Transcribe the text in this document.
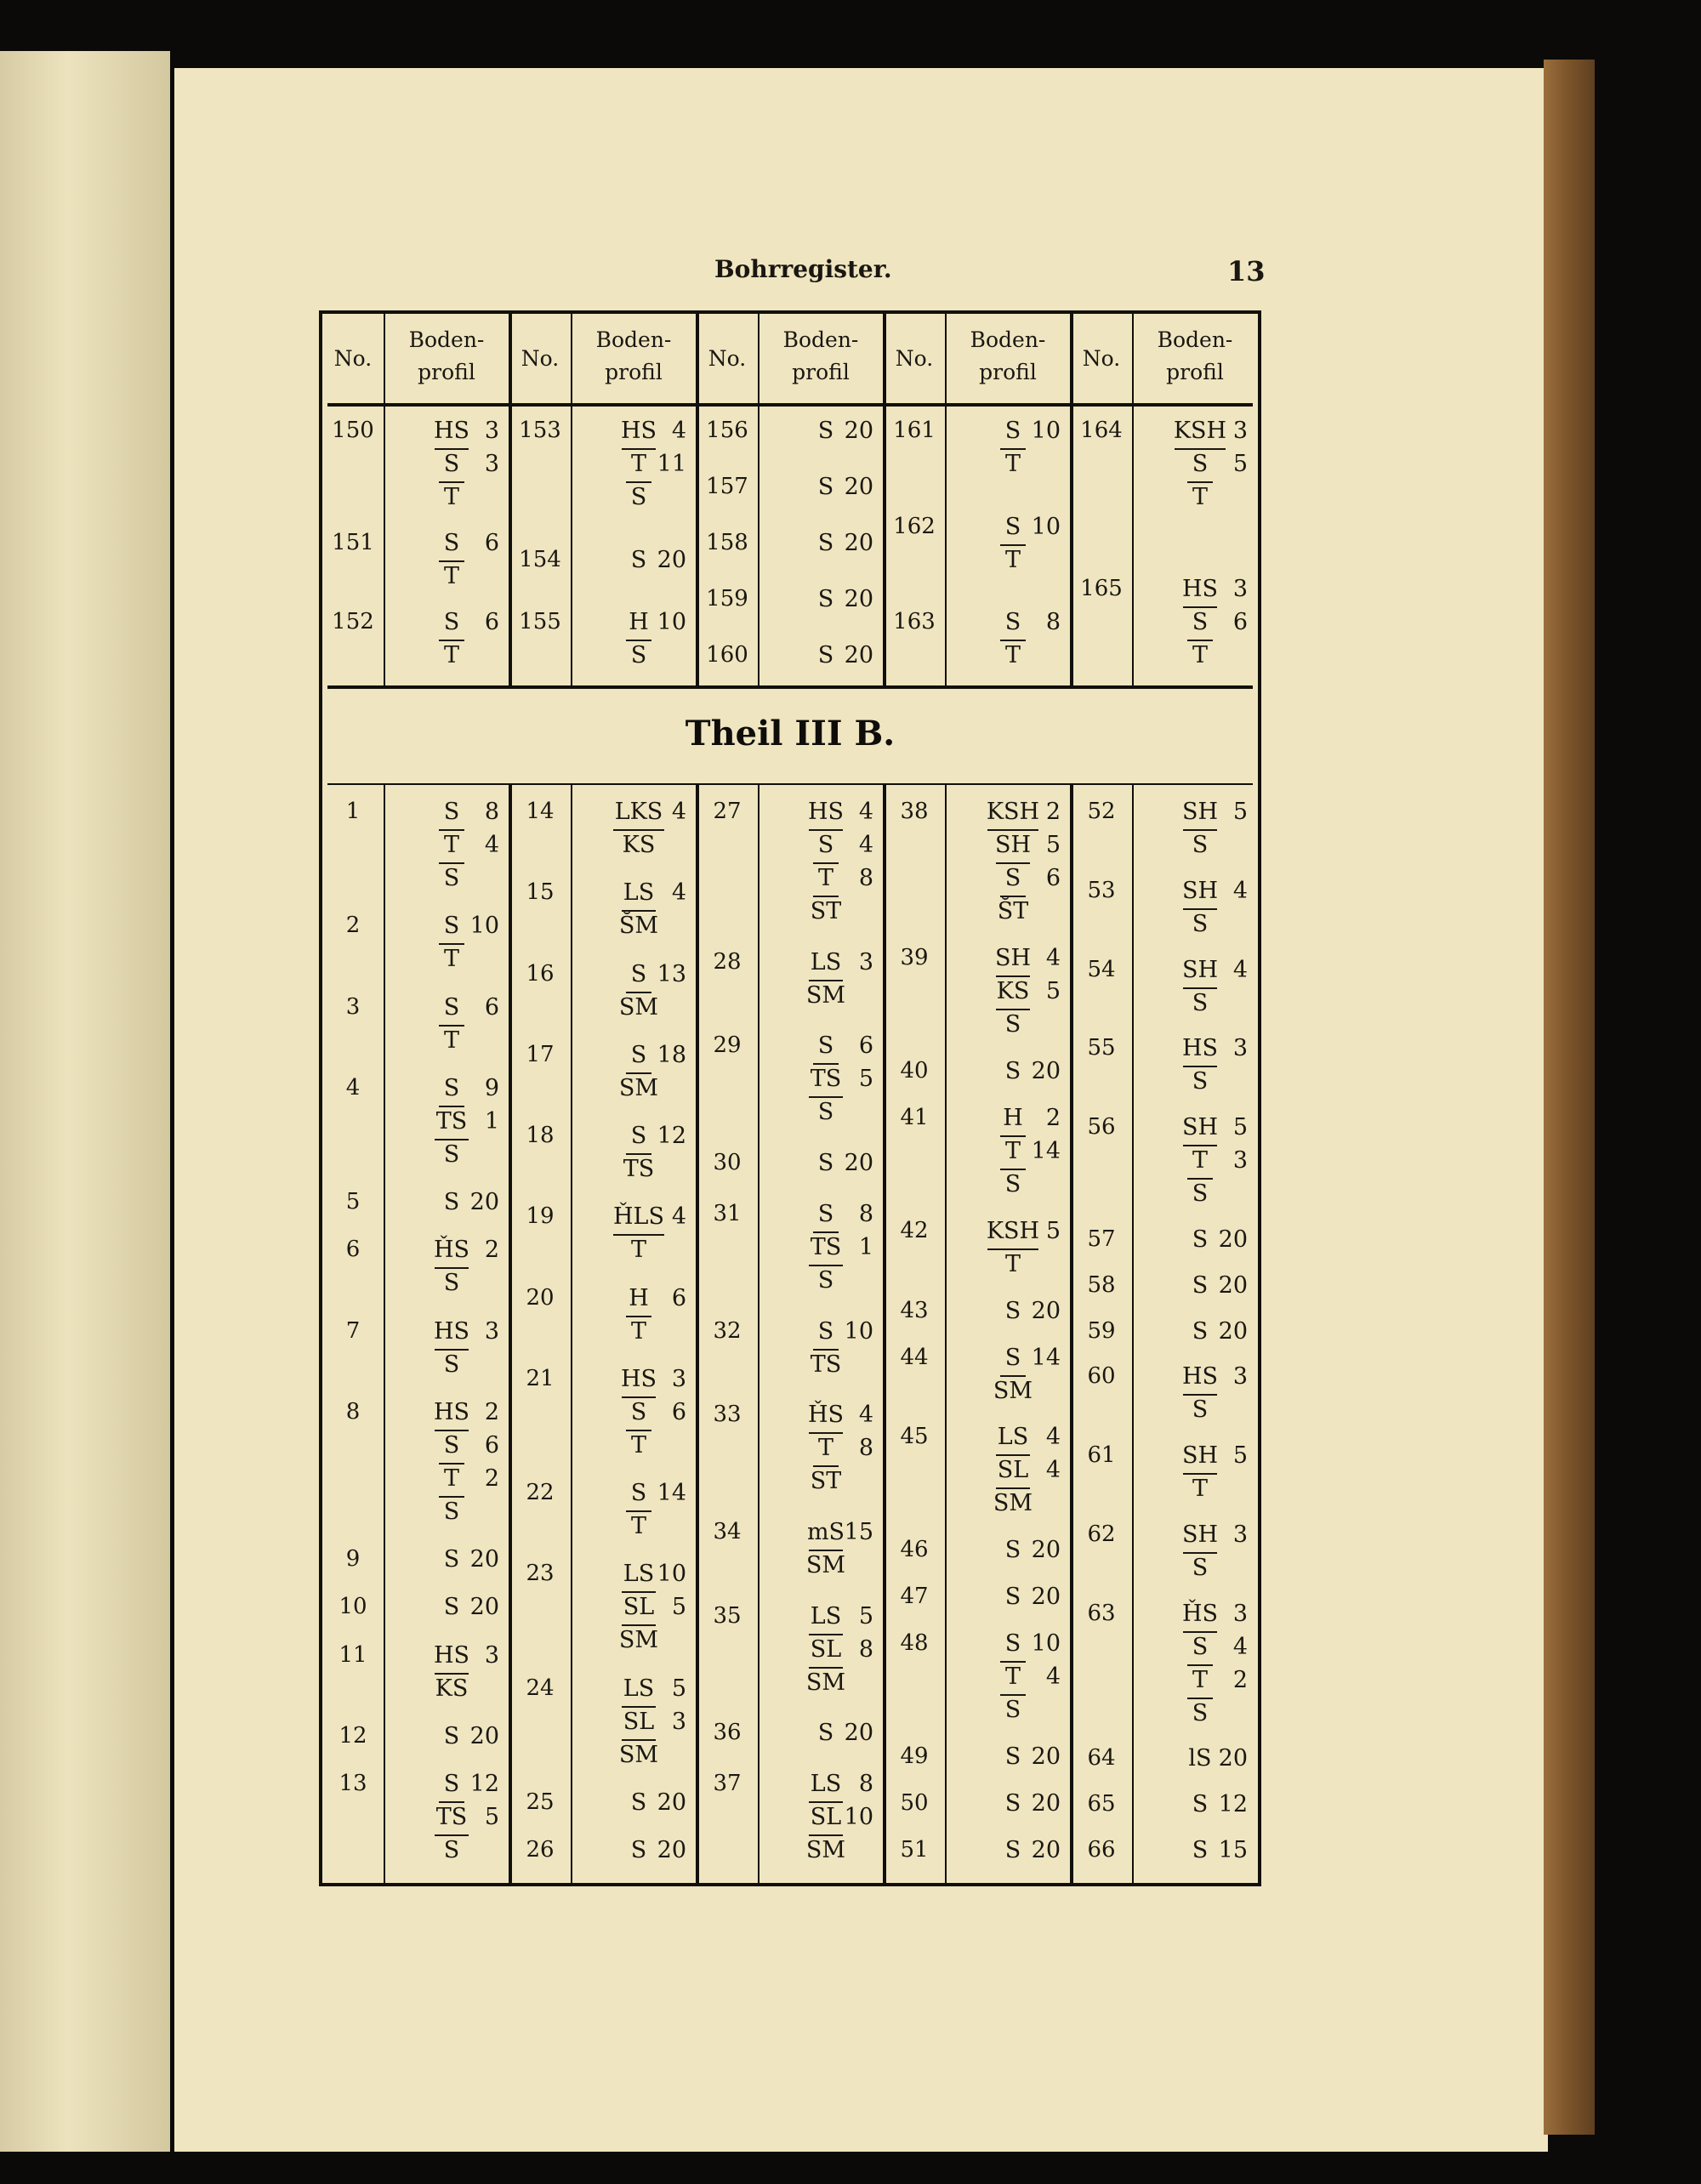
Bohrregister.	13
Theil III B.
No.
Boden-
profil
No.
Boden-
profil
No.
Boden-
profil
No.
Boden-
profil
No.
Boden-
profil
150	HS 3
S	3
T
151	S	6
T
152	S	6
T
153	HS 4
T 11
S
154	S 20
155	H 10
S
156	S 20
157	S 20
158	S 20
159	S 20
160	S 20
161	S 10
T
162	S 10
T
163	S	8
T
164	KSH 3
S	5
T
165	HS 3
S	6
T
1	S	8
T	4
S
2	S 10
T
3	S	6
T
4	S	9
TS 1
S
5	S 20
6	ȞS 2
S
7	HS 3
S
8	HS 2
S	6
T	2
S
9	S 20
10	S 20
11	HS 3
KS
12	S 20
13	S 12
TS 5
S
14	LKS 4
KS
15	LS 4
S̆M
16	S 13
SM
17	S 18
SM
18	S 12
TS
19	ȞLS 4
T
20	H	6
T
21	HS 3
S	6
T
22	S 14
T
23	LS 10
SL 5
SM
24	LS 5
SL 3
SM
25	S 20
26	S 20
27	HS 4
S	4
T	8
ST
28	LS 3
SM
29	S	6
TS 5
S
30	S 20
31	S	8
TS 1
S
32	S 10
TS
33	ȞS 4
T	8
ST
34	mS 15
SM
35	LS 5
SL 8
SM
36	S 20
37	LS 8
SL 10
SM
38	KSH 2
SH 5
S	6
S̆T
39	SH 4
KS 5
S
40	S 20
41	H	2
T 14
S
42	KSH 5
T
43	S 20
44	S 14
SM
45	LS 4
SL 4
SM
46	S 20
47	S 20
48	S 10
T	4
S
49	S 20
50	S 20
51	S 20
52	SH 5
S
53	SH 4
S
54	SH 4
S
55	HS 3
S
56	SH 5
T	3
S
57	S 20
58	S 20
59	S 20
60	HS 3
S
61	SH 5
T
62	SH 3
S
63	ȞS 3
S	4
T	2
S
64	lS 20
65	S 12
66	S 15
